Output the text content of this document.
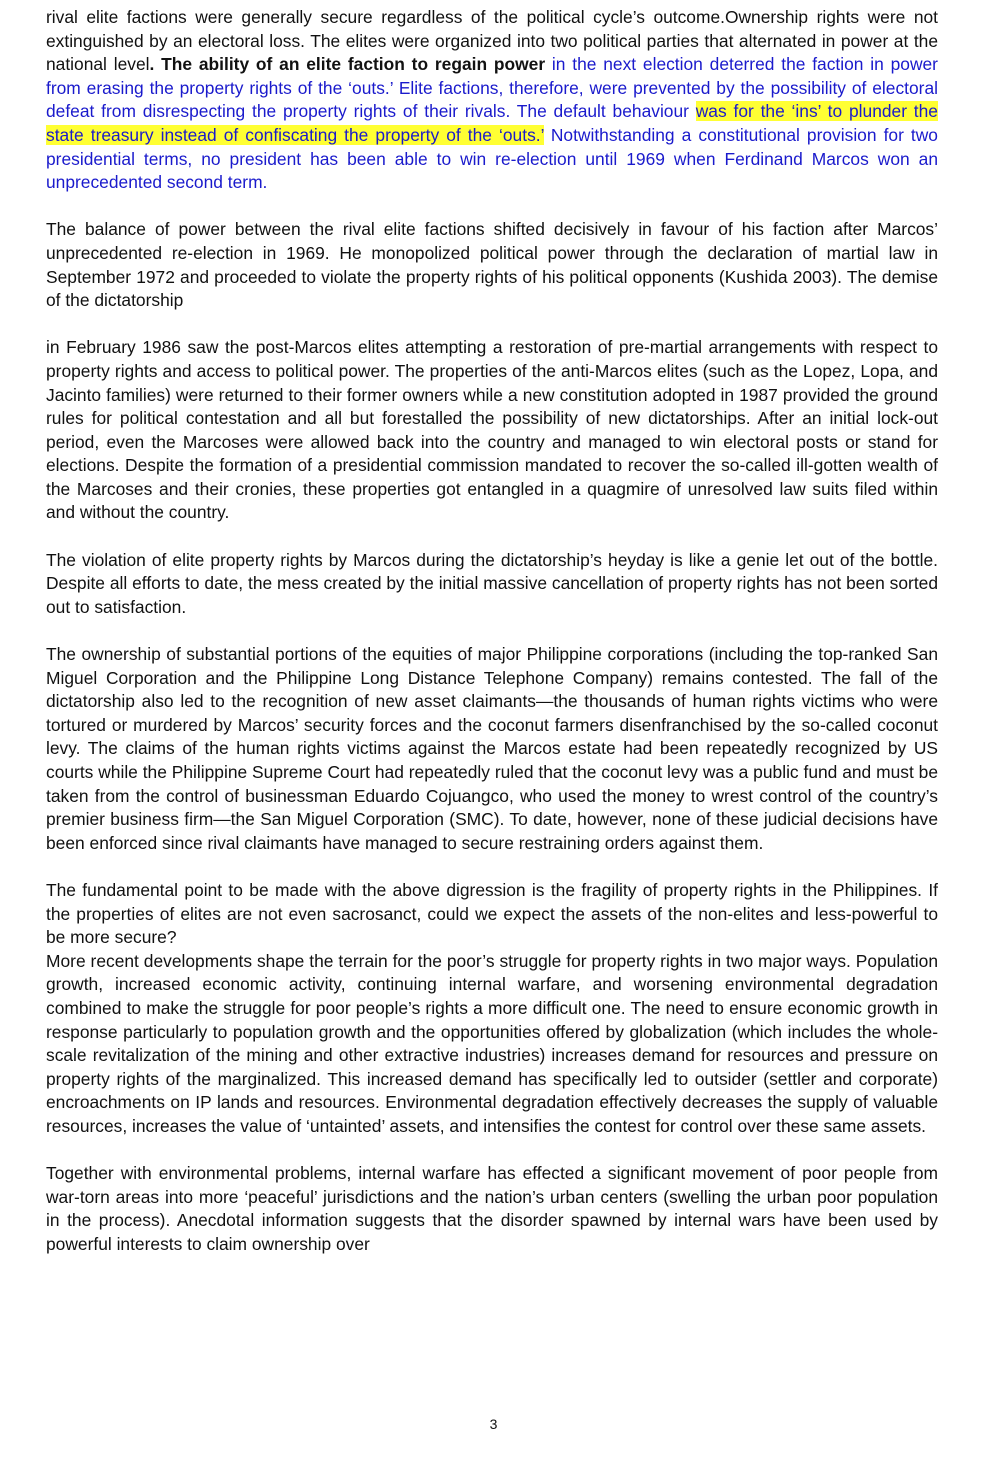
rival elite factions were generally secure regardless of the political cycle’s outcome.Ownership rights were not extinguished by an electoral loss. The elites were organized into two political parties that alternated in power at the national level. The ability of an elite faction to regain power in the next election deterred the faction in power from erasing the property rights of the ‘outs.’ Elite factions, therefore, were prevented by the possibility of electoral defeat from disrespecting the property rights of their rivals. The default behaviour was for the ‘ins’ to plunder the state treasury instead of confiscating the property of the ‘outs.’ Notwithstanding a constitutional provision for two presidential terms, no president has been able to win re-election until 1969 when Ferdinand Marcos won an unprecedented second term.

The balance of power between the rival elite factions shifted decisively in favour of his faction after Marcos’ unprecedented re-election in 1969. He monopolized political power through the declaration of martial law in September 1972 and proceeded to violate the property rights of his political opponents (Kushida 2003). The demise of the dictatorship

in February 1986 saw the post-Marcos elites attempting a restoration of pre-martial arrangements with respect to property rights and access to political power. The properties of the anti-Marcos elites (such as the Lopez, Lopa, and Jacinto families) were returned to their former owners while a new constitution adopted in 1987 provided the ground rules for political contestation and all but forestalled the possibility of new dictatorships. After an initial lock-out period, even the Marcoses were allowed back into the country and managed to win electoral posts or stand for elections. Despite the formation of a presidential commission mandated to recover the so-called ill-gotten wealth of the Marcoses and their cronies, these properties got entangled in a quagmire of unresolved law suits filed within and without the country.

The violation of elite property rights by Marcos during the dictatorship’s heyday is like a genie let out of the bottle. Despite all efforts to date, the mess created by the initial massive cancellation of property rights has not been sorted out to satisfaction.

The ownership of substantial portions of the equities of major Philippine corporations (including the top-ranked San Miguel Corporation and the Philippine Long Distance Telephone Company) remains contested. The fall of the dictatorship also led to the recognition of new asset claimants—the thousands of human rights victims who were tortured or murdered by Marcos’ security forces and the coconut farmers disenfranchised by the so-called coconut levy. The claims of the human rights victims against the Marcos estate had been repeatedly recognized by US courts while the Philippine Supreme Court had repeatedly ruled that the coconut levy was a public fund and must be taken from the control of businessman Eduardo Cojuangco, who used the money to wrest control of the country’s premier business firm—the San Miguel Corporation (SMC). To date, however, none of these judicial decisions have been enforced since rival claimants have managed to secure restraining orders against them.

The fundamental point to be made with the above digression is the fragility of property rights in the Philippines. If the properties of elites are not even sacrosanct, could we expect the assets of the non-elites and less-powerful to be more secure?

More recent developments shape the terrain for the poor’s struggle for property rights in two major ways. Population growth, increased economic activity, continuing internal warfare, and worsening environmental degradation combined to make the struggle for poor people’s rights a more difficult one. The need to ensure economic growth in response particularly to population growth and the opportunities offered by globalization (which includes the whole-scale revitalization of the mining and other extractive industries) increases demand for resources and pressure on property rights of the marginalized. This increased demand has specifically led to outsider (settler and corporate) encroachments on IP lands and resources. Environmental degradation effectively decreases the supply of valuable resources, increases the value of ‘untainted’ assets, and intensifies the contest for control over these same assets.

Together with environmental problems, internal warfare has effected a significant movement of poor people from war-torn areas into more ‘peaceful’ jurisdictions and the nation’s urban centers (swelling the urban poor population in the process). Anecdotal information suggests that the disorder spawned by internal wars have been used by powerful interests to claim ownership over

3
